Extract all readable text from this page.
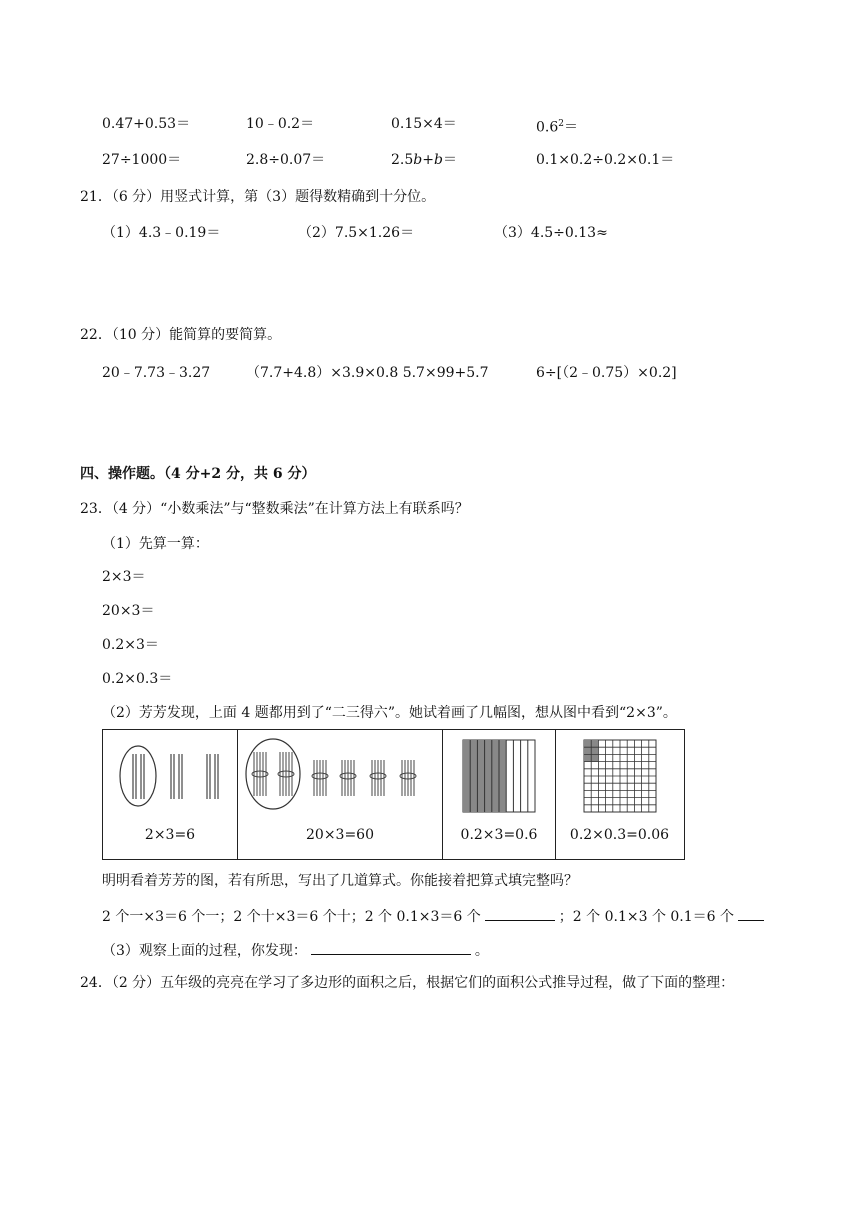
0.47+0.53＝	10﹣0.2＝	0.15×4＝	$0.6^2=$
27÷1000＝	2.8÷0.07＝	2.5b+b＝	0.1×0.2÷0.2×0.1＝
21．（6 分）用竖式计算，第（3）题得数精确到十分位。
（1）4.3﹣0.19＝	（2）7.5×1.26＝	（3）4.5÷0.13≈
22．（10 分）能简算的要简算。
20﹣7.73﹣3.27	（7.7+4.8）×3.9×0.8 5.7×99+5.7	6÷[（2﹣0.75）×0.2]
四、操作题。（4 分+2 分，共 6 分）
23．（4 分）“小数乘法”与“整数乘法”在计算方法上有联系吗？
（1）先算一算：
2×3＝
20×3＝
0.2×3＝
0.2×0.3＝
（2）芳芳发现，上面 4 题都用到了“二三得六”。她试着画了几幅图，想从图中看到“2×3”。
2×3=6	20×3=60	0.2×3=0.6	0.2×0.3=0.06
明明看着芳芳的图，若有所思，写出了几道算式。你能接着把算式填完整吗？
2 个一×3＝6 个一；2 个十×3＝6 个十；2 个 0.1×3＝6 个	；2 个 0.1×3 个 0.1＝6 个
（3）观察上面的过程，你发现：	。
24．（2 分）五年级的亮亮在学习了多边形的面积之后，根据它们的面积公式推导过程，做了下面的整理：
